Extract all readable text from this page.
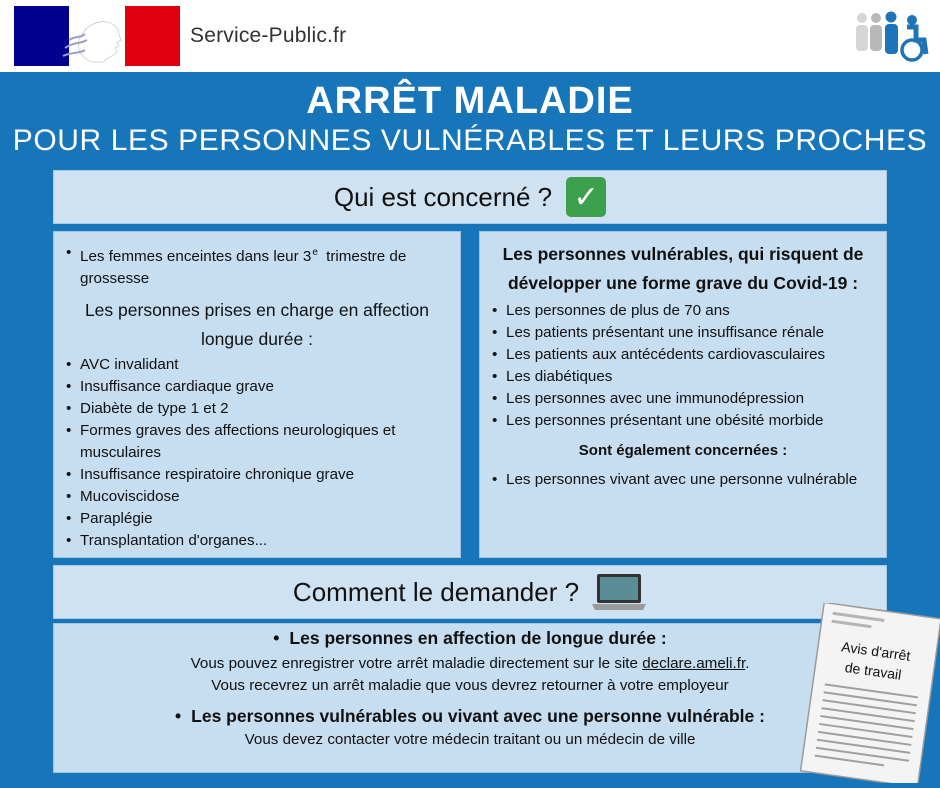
Service-Public.fr
ARRÊT MALADIE
POUR LES PERSONNES VULNÉRABLES ET LEURS PROCHES
Qui est concerné ? ✓
• Les femmes enceintes dans leur 3e trimestre de grossesse
Les personnes prises en charge en affection longue durée :
• AVC invalidant
• Insuffisance cardiaque grave
• Diabète de type 1 et 2
• Formes graves des affections neurologiques et musculaires
• Insuffisance respiratoire chronique grave
• Mucoviscidose
• Paraplégie
• Transplantation d'organes...
Les personnes vulnérables, qui risquent de développer une forme grave du Covid-19 :
• Les personnes de plus de 70 ans
• Les patients présentant une insuffisance rénale
• Les patients aux antécédents cardiovasculaires
• Les diabétiques
• Les personnes avec une immunodépression
• Les personnes présentant une obésité morbide
Sont également concernées :
• Les personnes vivant avec une personne vulnérable
Comment le demander ?
• Les personnes en affection de longue durée :
Vous pouvez enregistrer votre arrêt maladie directement sur le site declare.ameli.fr.
Vous recevrez un arrêt maladie que vous devrez retourner à votre employeur
• Les personnes vulnérables ou vivant avec une personne vulnérable :
Vous devez contacter votre médecin traitant ou un médecin de ville
Avis d'arrêt
de travail
